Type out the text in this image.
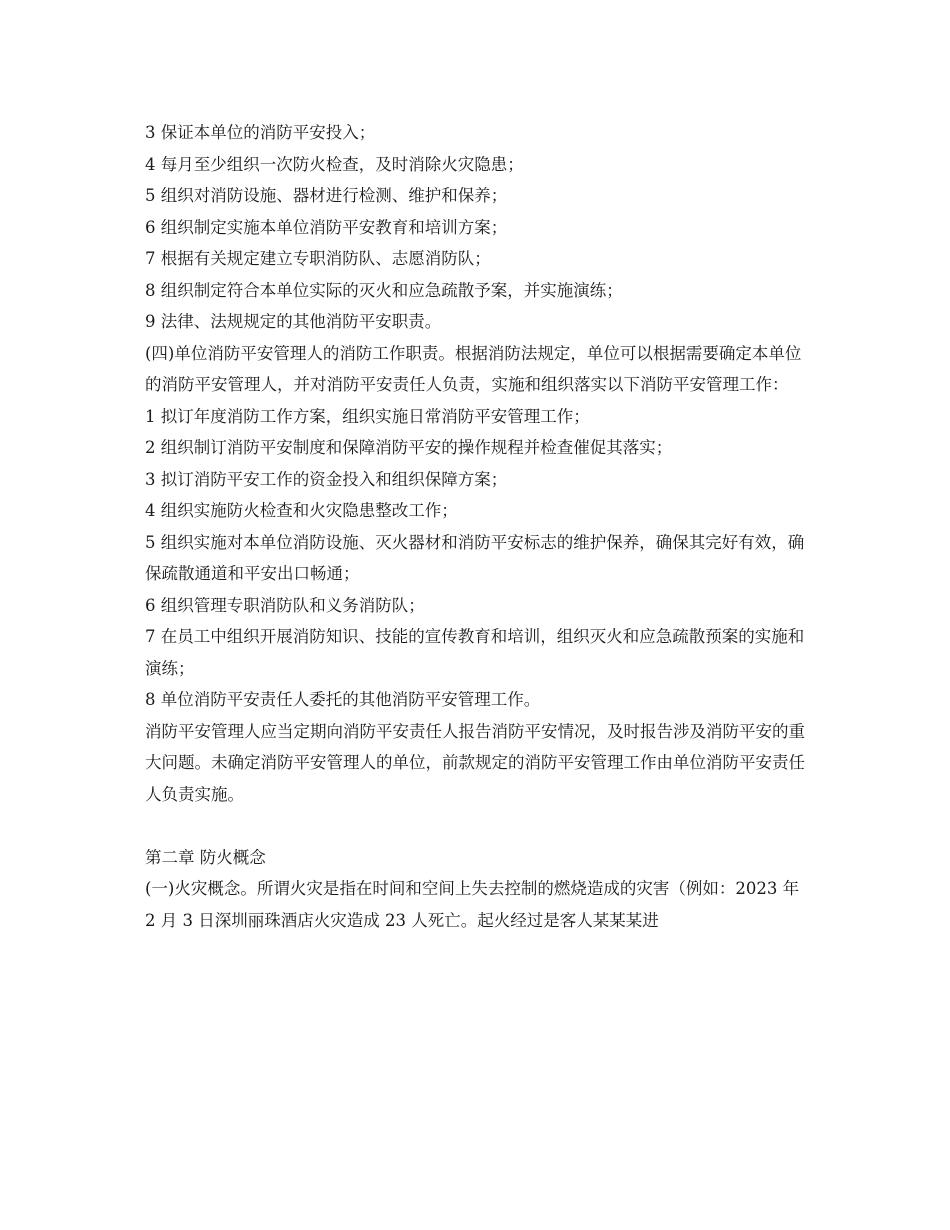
3 保证本单位的消防平安投入；

4 每月至少组织一次防火检查，及时消除火灾隐患；

5 组织对消防设施、器材进行检测、维护和保养；

6 组织制定实施本单位消防平安教育和培训方案；

7 根据有关规定建立专职消防队、志愿消防队；

8 组织制定符合本单位实际的灭火和应急疏散予案，并实施演练；

9 法律、法规规定的其他消防平安职责。

(四)单位消防平安管理人的消防工作职责。根据消防法规定，单位可以根据需要确定本单位的消防平安管理人，并对消防平安责任人负责，实施和组织落实以下消防平安管理工作：

1 拟订年度消防工作方案，组织实施日常消防平安管理工作；

2 组织制订消防平安制度和保障消防平安的操作规程并检查催促其落实；

3 拟订消防平安工作的资金投入和组织保障方案；

4 组织实施防火检查和火灾隐患整改工作；

5 组织实施对本单位消防设施、灭火器材和消防平安标志的维护保养，确保其完好有效，确保疏散通道和平安出口畅通；

6 组织管理专职消防队和义务消防队；

7 在员工中组织开展消防知识、技能的宣传教育和培训，组织灭火和应急疏散预案的实施和演练；

8 单位消防平安责任人委托的其他消防平安管理工作。

消防平安管理人应当定期向消防平安责任人报告消防平安情况，及时报告涉及消防平安的重大问题。未确定消防平安管理人的单位，前款规定的消防平安管理工作由单位消防平安责任人负责实施。

第二章 防火概念

(一)火灾概念。所谓火灾是指在时间和空间上失去控制的燃烧造成的灾害（例如：2023 年 2 月 3 日深圳丽珠酒店火灾造成 23 人死亡。起火经过是客人某某某进
